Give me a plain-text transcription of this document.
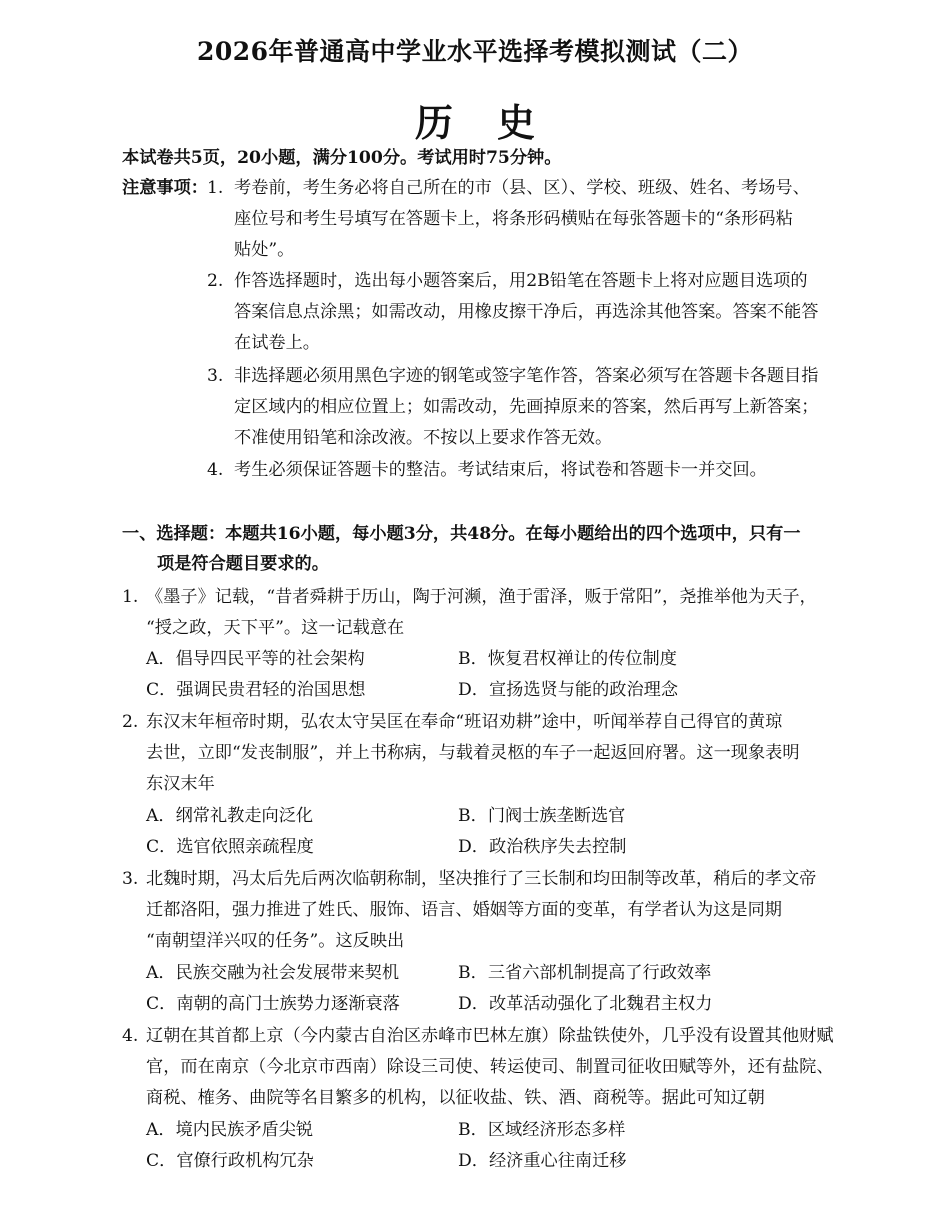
2026年普通高中学业水平选择考模拟测试（二）
历史
本试卷共5页，20小题，满分100分。考试用时75分钟。
注意事项： 1. 考卷前，考生务必将自己所在的市（县、区）、学校、班级、姓名、考场号、
座位号和考生号填写在答题卡上，将条形码横贴在每张答题卡的“条形码粘
贴处”。
2. 作答选择题时，选出每小题答案后，用2B铅笔在答题卡上将对应题目选项的
答案信息点涂黑；如需改动，用橡皮擦干净后，再选涂其他答案。答案不能答
在试卷上。
3. 非选择题必须用黑色字迹的钢笔或签字笔作答，答案必须写在答题卡各题目指
定区域内的相应位置上；如需改动，先画掉原来的答案，然后再写上新答案；
不准使用铅笔和涂改液。不按以上要求作答无效。
4. 考生必须保证答题卡的整洁。考试结束后，将试卷和答题卡一并交回。
一、选择题：本题共16小题，每小题3分，共48分。在每小题给出的四个选项中，只有一
项是符合题目要求的。
1. 《墨子》记载，“昔者舜耕于历山，陶于河濒，渔于雷泽，贩于常阳”，尧推举他为天子，
“授之政，天下平”。这一记载意在
A．倡导四民平等的社会架构	B．恢复君权禅让的传位制度
C．强调民贵君轻的治国思想	D．宣扬选贤与能的政治理念
2. 东汉末年桓帝时期，弘农太守吴匡在奉命“班诏劝耕”途中，听闻举荐自己得官的黄琼
去世，立即“发丧制服”，并上书称病，与载着灵柩的车子一起返回府署。这一现象表明
东汉末年
A．纲常礼教走向泛化	B．门阀士族垄断选官
C．选官依照亲疏程度	D．政治秩序失去控制
3. 北魏时期，冯太后先后两次临朝称制，坚决推行了三长制和均田制等改革，稍后的孝文帝
迁都洛阳，强力推进了姓氏、服饰、语言、婚姻等方面的变革，有学者认为这是同期
“南朝望洋兴叹的任务”。这反映出
A．民族交融为社会发展带来契机	B．三省六部机制提高了行政效率
C．南朝的高门士族势力逐渐衰落	D．改革活动强化了北魏君主权力
4. 辽朝在其首都上京（今内蒙古自治区赤峰市巴林左旗）除盐铁使外，几乎没有设置其他财赋
官，而在南京（今北京市西南）除设三司使、转运使司、制置司征收田赋等外，还有盐院、
商税、榷务、曲院等名目繁多的机构，以征收盐、铁、酒、商税等。据此可知辽朝
A．境内民族矛盾尖锐	B．区域经济形态多样
C．官僚行政机构冗杂	D．经济重心往南迁移
